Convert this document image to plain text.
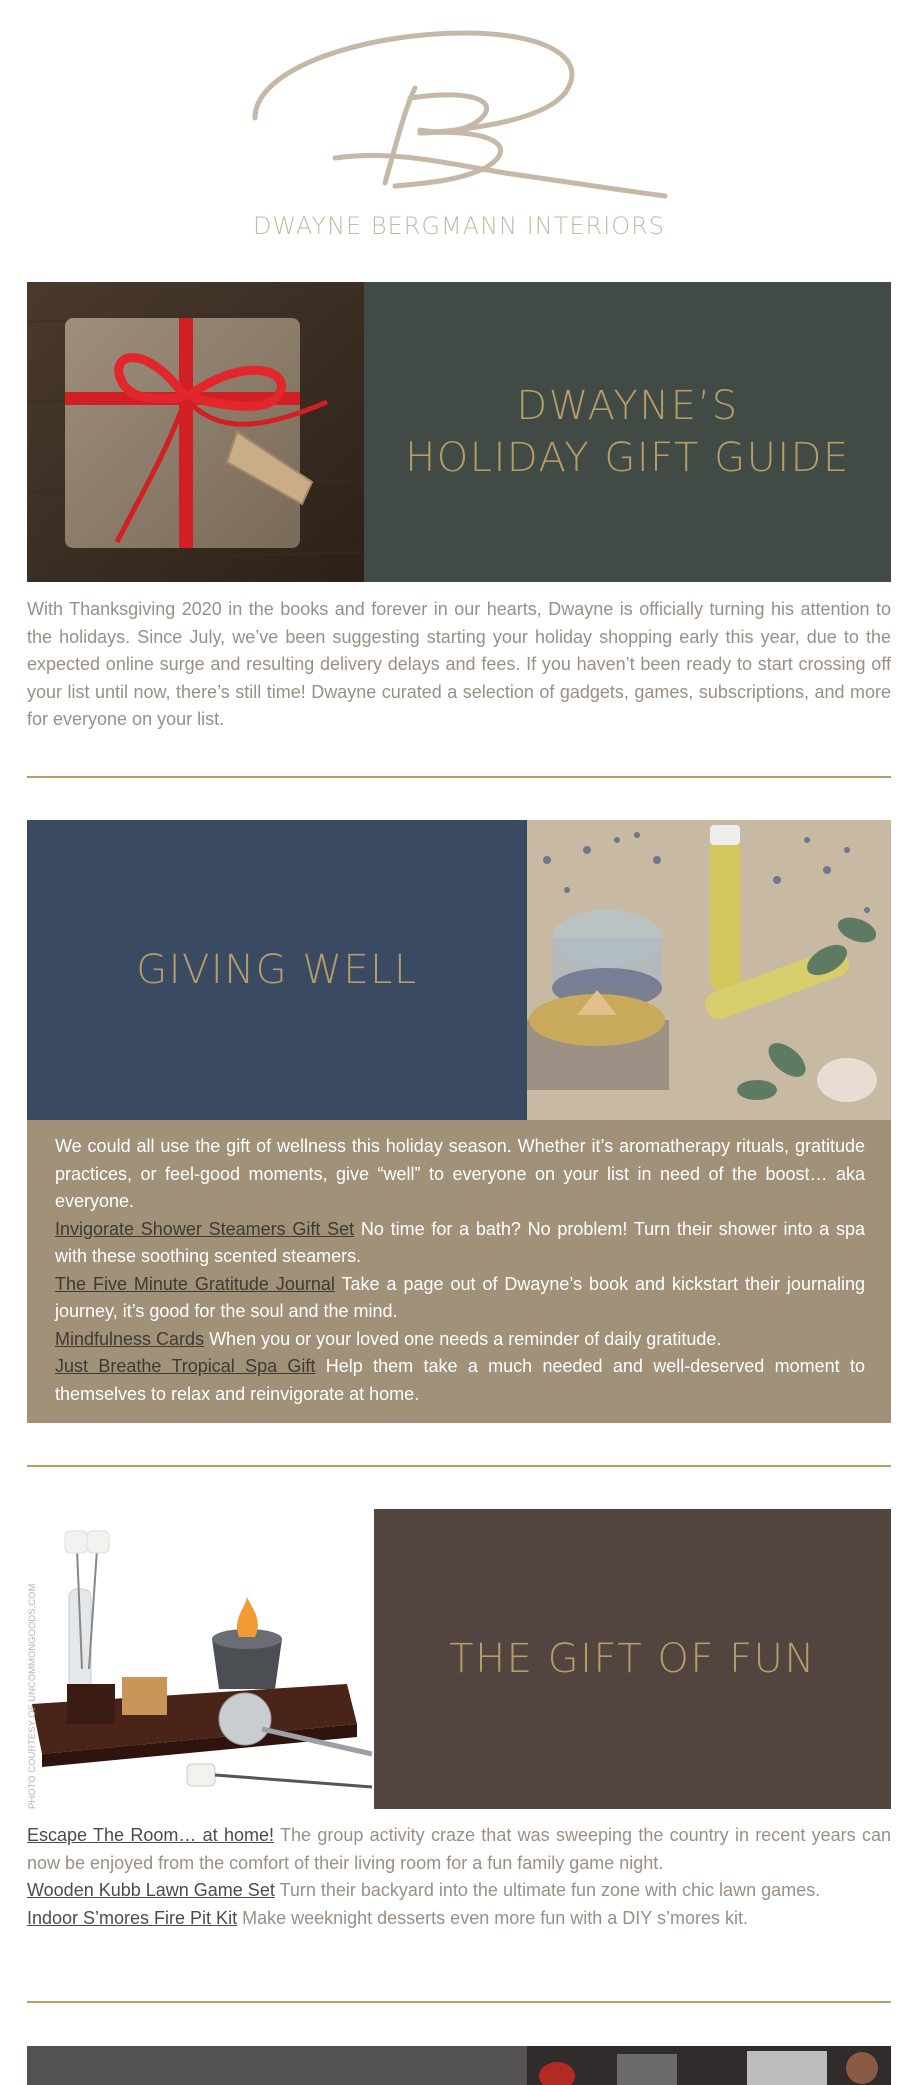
DWAYNE BERGMANN INTERIORS
DWAYNE’S
HOLIDAY GIFT GUIDE
With Thanksgiving 2020 in the books and forever in our hearts, Dwayne is officially turning his attention to the holidays. Since July, we’ve been suggesting starting your holiday shopping early this year, due to the expected online surge and resulting delivery delays and fees. If you haven’t been ready to start crossing off your list until now, there’s still time! Dwayne curated a selection of gadgets, games, subscriptions, and more for everyone on your list.
GIVING WELL

We could all use the gift of wellness this holiday season. Whether it’s aromatherapy rituals, gratitude practices, or feel-good moments, give “well” to everyone on your list in need of the boost… aka everyone.

Invigorate Shower Steamers Gift Set No time for a bath? No problem! Turn their shower into a spa with these soothing scented steamers.

The Five Minute Gratitude Journal Take a page out of Dwayne’s book and kickstart their journaling journey, it’s good for the soul and the mind.

Mindfulness Cards When you or your loved one needs a reminder of daily gratitude.

Just Breathe Tropical Spa Gift Help them take a much needed and well-deserved moment to themselves to relax and reinvigorate at home.

PHOTO COURTESY OF UNCOMMONGOODS.COM	THE GIFT OF FUN

Escape The Room… at home! The group activity craze that was sweeping the country in recent years can now be enjoyed from the comfort of their living room for a fun family game night.

Wooden Kubb Lawn Game Set Turn their backyard into the ultimate fun zone with chic lawn games.

Indoor S’mores Fire Pit Kit Make weeknight desserts even more fun with a DIY s’mores kit.
